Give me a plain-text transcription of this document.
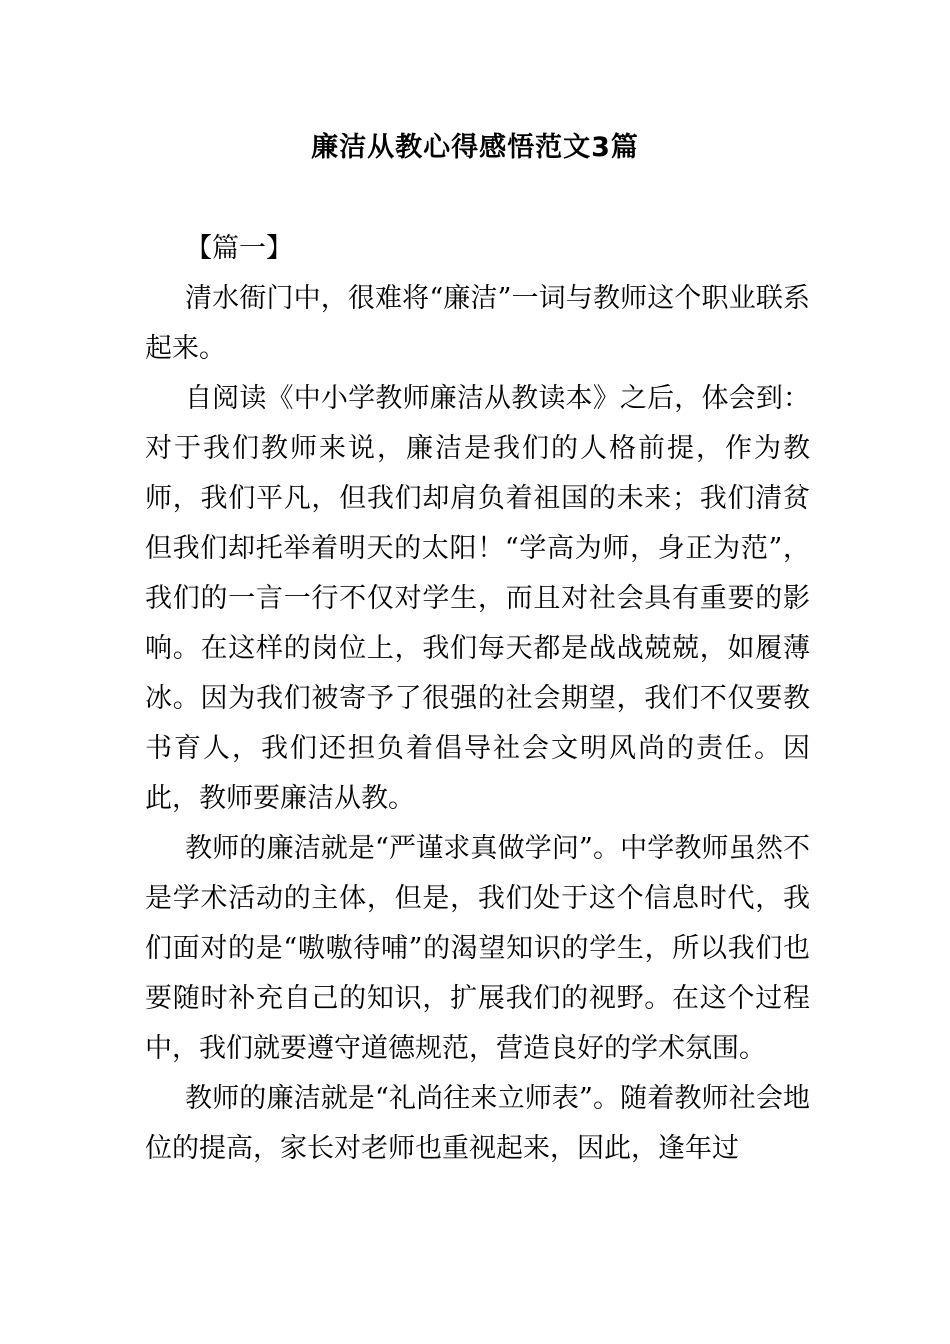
廉洁从教心得感悟范文3篇

【篇一】

清水衙门中，很难将“廉洁”一词与教师这个职业联系起来。

自阅读《中小学教师廉洁从教读本》之后，体会到：对于我们教师来说，廉洁是我们的人格前提，作为教师，我们平凡，但我们却肩负着祖国的未来；我们清贫但我们却托举着明天的太阳！“学高为师，身正为范”，我们的一言一行不仅对学生，而且对社会具有重要的影响。在这样的岗位上，我们每天都是战战兢兢，如履薄冰。因为我们被寄予了很强的社会期望，我们不仅要教书育人，我们还担负着倡导社会文明风尚的责任。因此，教师要廉洁从教。

教师的廉洁就是“严谨求真做学问”。中学教师虽然不是学术活动的主体，但是，我们处于这个信息时代，我们面对的是“嗷嗷待哺”的渴望知识的学生，所以我们也要随时补充自己的知识，扩展我们的视野。在这个过程中，我们就要遵守道德规范，营造良好的学术氛围。

教师的廉洁就是“礼尚往来立师表”。随着教师社会地位的提高，家长对老师也重视起来，因此，逢年过
